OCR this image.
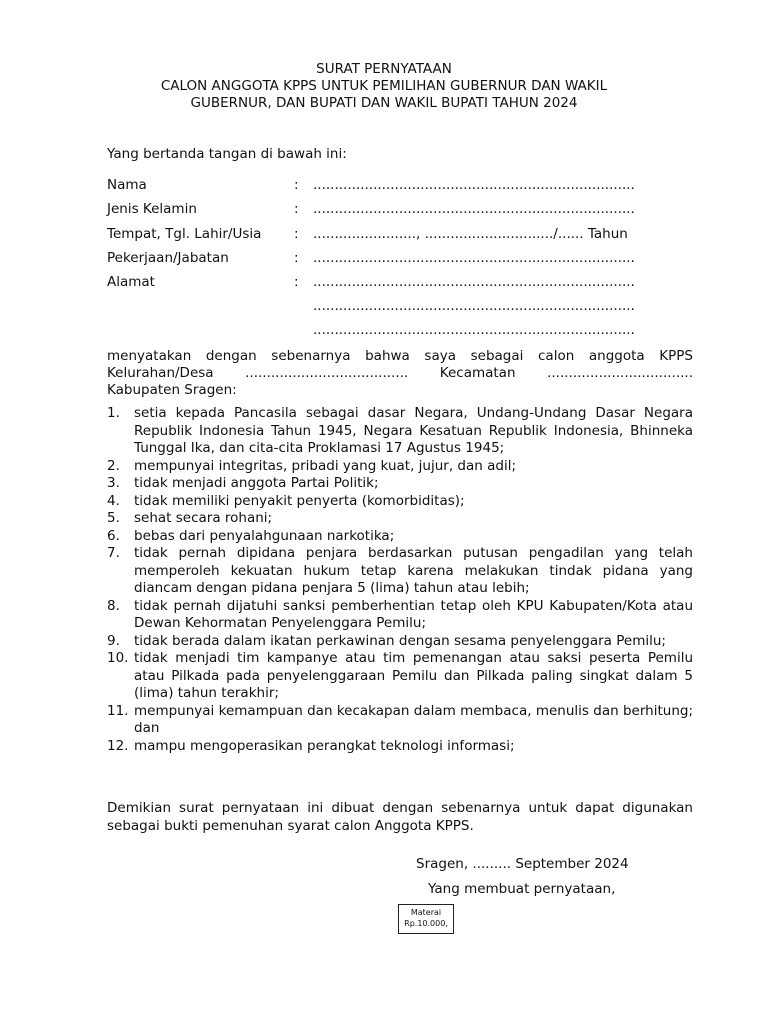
SURAT PERNYATAAN
CALON ANGGOTA KPPS UNTUK PEMILIHAN GUBERNUR DAN WAKIL
GUBERNUR, DAN BUPATI DAN WAKIL BUPATI TAHUN 2024
Yang bertanda tangan di bawah ini:
Nama	: ...........................................................................
Jenis Kelamin	: ...........................................................................
Tempat, Tgl. Lahir/Usia : ........................, ............................../...... Tahun
Pekerjaan/Jabatan	: ...........................................................................
Alamat	: ...........................................................................
...........................................................................
...........................................................................
menyatakan dengan sebenarnya bahwa saya sebagai calon anggota KPPS
Kelurahan/Desa ...................................... Kecamatan ..................................
Kabupaten Sragen:
1.	setia kepada Pancasila sebagai dasar Negara, Undang-Undang Dasar Negara Republik Indonesia Tahun 1945, Negara Kesatuan Republik Indonesia, Bhinneka Tunggal Ika, dan cita-cita Proklamasi 17 Agustus 1945;
2.	mempunyai integritas, pribadi yang kuat, jujur, dan adil;
3.	tidak menjadi anggota Partai Politik;
4.	tidak memiliki penyakit penyerta (komorbiditas);
5.	sehat secara rohani;
6.	bebas dari penyalahgunaan narkotika;
7.	tidak pernah dipidana penjara berdasarkan putusan pengadilan yang telah memperoleh kekuatan hukum tetap karena melakukan tindak pidana yang diancam dengan pidana penjara 5 (lima) tahun atau lebih;
8.	tidak pernah dijatuhi sanksi pemberhentian tetap oleh KPU Kabupaten/Kota atau Dewan Kehormatan Penyelenggara Pemilu;
9.	tidak berada dalam ikatan perkawinan dengan sesama penyelenggara Pemilu;
10. tidak menjadi tim kampanye atau tim pemenangan atau saksi peserta Pemilu atau Pilkada pada penyelenggaraan Pemilu dan Pilkada paling singkat dalam 5 (lima) tahun terakhir;
11. mempunyai kemampuan dan kecakapan dalam membaca, menulis dan berhitung; dan
12. mampu mengoperasikan perangkat teknologi informasi;
Demikian surat pernyataan ini dibuat dengan sebenarnya untuk dapat digunakan sebagai bukti pemenuhan syarat calon Anggota KPPS.
Sragen, ......... September 2024
Yang membuat pernyataan,
Materai
Rp.10.000,
